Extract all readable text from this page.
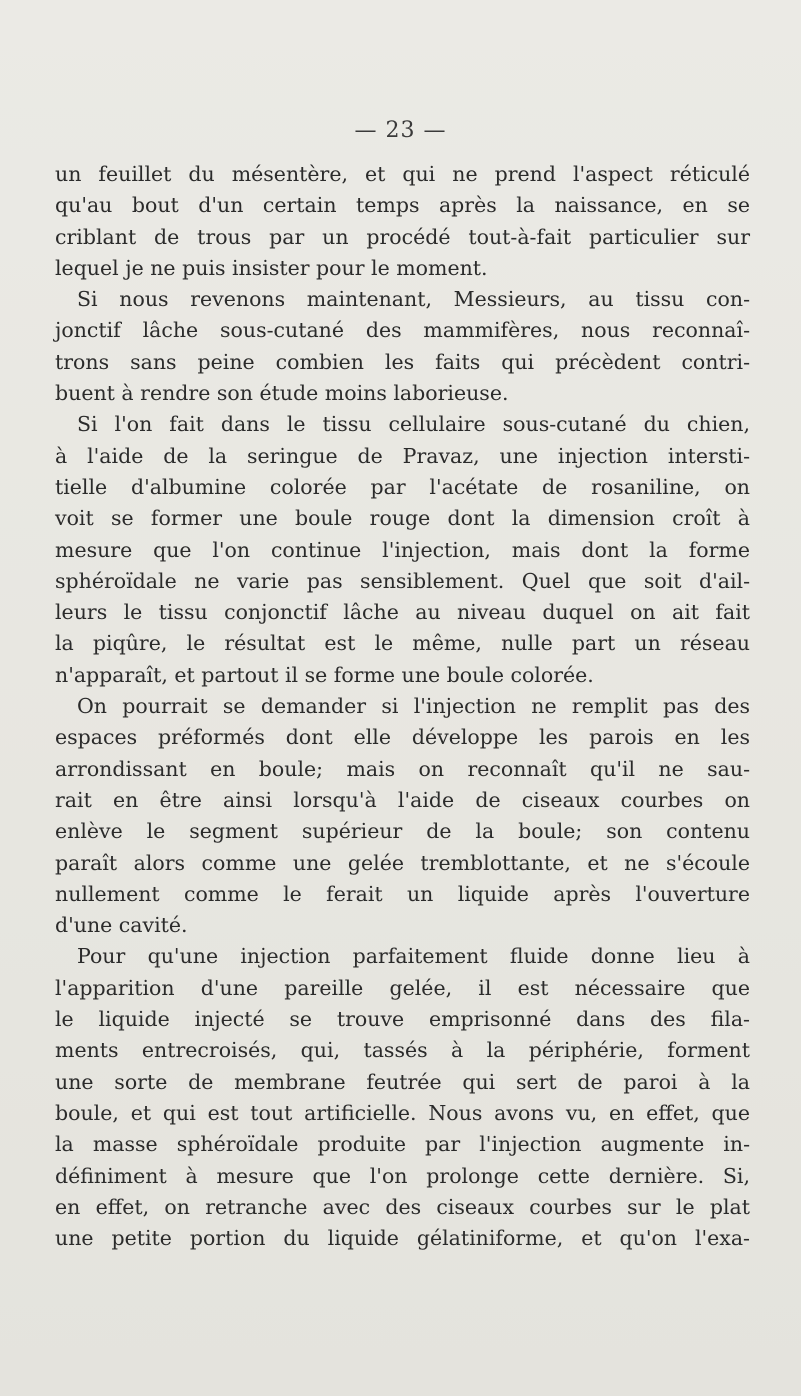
— 23 —
un feuillet du mésentère, et qui ne prend l'aspect réticulé
qu'au bout d'un certain temps après la naissance, en se
criblant de trous par un procédé tout-à-fait particulier sur
lequel je ne puis insister pour le moment.
Si nous revenons maintenant, Messieurs, au tissu con-
jonctif lâche sous-cutané des mammifères, nous reconnaî-
trons sans peine combien les faits qui précèdent contri-
buent à rendre son étude moins laborieuse.
Si l'on fait dans le tissu cellulaire sous-cutané du chien,
à l'aide de la seringue de Pravaz, une injection intersti-
tielle d'albumine colorée par l'acétate de rosaniline, on
voit se former une boule rouge dont la dimension croît à
mesure que l'on continue l'injection, mais dont la forme
sphéroïdale ne varie pas sensiblement. Quel que soit d'ail-
leurs le tissu conjonctif lâche au niveau duquel on ait fait
la piqûre, le résultat est le même, nulle part un réseau
n'apparaît, et partout il se forme une boule colorée.
On pourrait se demander si l'injection ne remplit pas des
espaces préformés dont elle développe les parois en les
arrondissant en boule; mais on reconnaît qu'il ne sau-
rait en être ainsi lorsqu'à l'aide de ciseaux courbes on
enlève le segment supérieur de la boule; son contenu
paraît alors comme une gelée tremblottante, et ne s'écoule
nullement comme le ferait un liquide après l'ouverture
d'une cavité.
Pour qu'une injection parfaitement fluide donne lieu à
l'apparition d'une pareille gelée, il est nécessaire que
le liquide injecté se trouve emprisonné dans des fila-
ments entrecroisés, qui, tassés à la périphérie, forment
une sorte de membrane feutrée qui sert de paroi à la
boule, et qui est tout artificielle. Nous avons vu, en effet, que
la masse sphéroïdale produite par l'injection augmente in-
définiment à mesure que l'on prolonge cette dernière. Si,
en effet, on retranche avec des ciseaux courbes sur le plat
une petite portion du liquide gélatiniforme, et qu'on l'exa-
